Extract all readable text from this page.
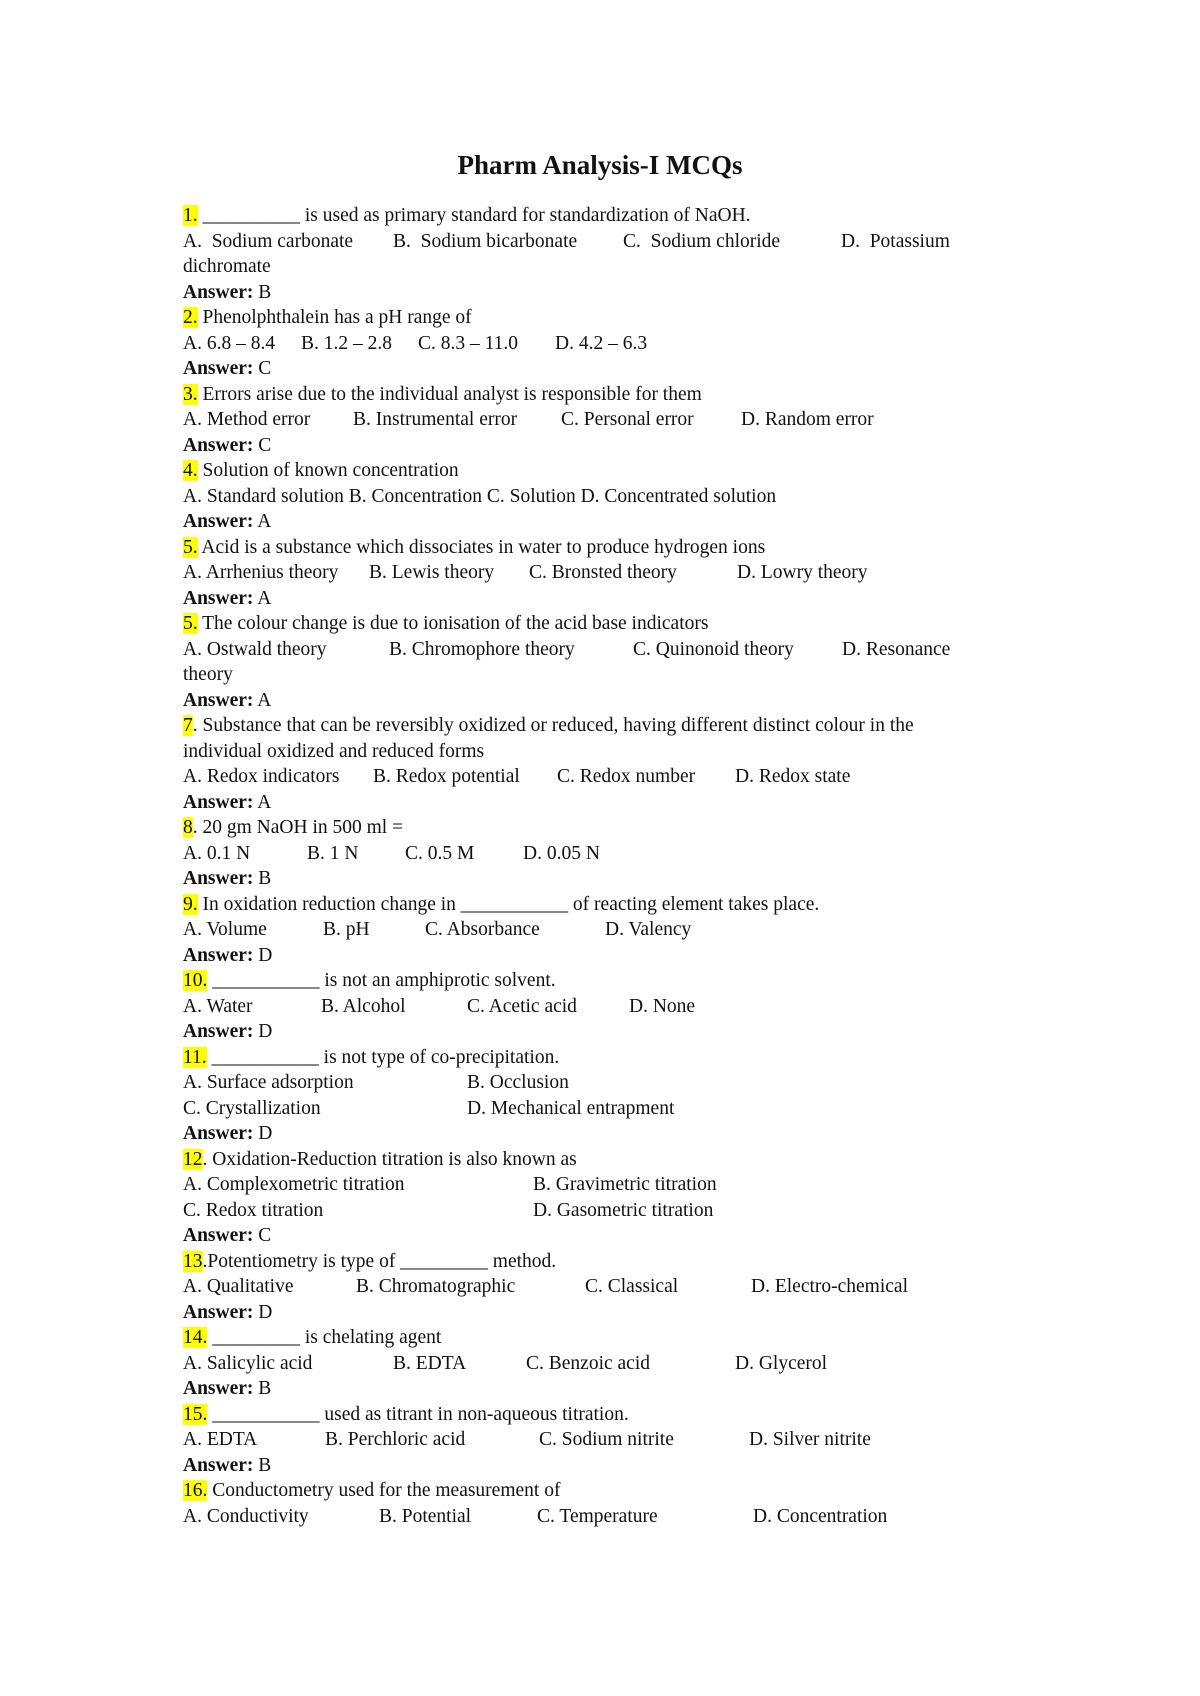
Pharm Analysis-I MCQs
1. __________ is used as primary standard for standardization of NaOH.
A.  Sodium carbonate B.  Sodium bicarbonate C.  Sodium chloride	D.  Potassium
dichromate
Answer: B
2. Phenolphthalein has a pH range of
A. 6.8 – 8.4 B. 1.2 – 2.8 C. 8.3 – 11.0 D. 4.2 – 6.3
Answer: C
3. Errors arise due to the individual analyst is responsible for them
A. Method error B. Instrumental error C. Personal error D. Random error
Answer: C
4. Solution of known concentration
A. Standard solution B. Concentration C. Solution D. Concentrated solution
Answer: A
5. Acid is a substance which dissociates in water to produce hydrogen ions
A. Arrhenius theory B. Lewis theory C. Bronsted theory	D. Lowry theory
Answer: A
5. The colour change is due to ionisation of the acid base indicators
A. Ostwald theory	B. Chromophore theory	C. Quinonoid theory D. Resonance
theory
Answer: A
7. Substance that can be reversibly oxidized or reduced, having different distinct colour in the
individual oxidized and reduced forms
A. Redox indicators B. Redox potential C. Redox number D. Redox state
Answer: A
8. 20 gm NaOH in 500 ml =
A. 0.1 N	B. 1 N C. 0.5 M D. 0.05 N
Answer: B
9. In oxidation reduction change in ___________ of reacting element takes place.
A. Volume	B. pH	C. Absorbance	D. Valency
Answer: D
10. ___________ is not an amphiprotic solvent.
A. Water	B. Alcohol	C. Acetic acid	D. None
Answer: D
11. ___________ is not type of co-precipitation.
A. Surface adsorption	B. Occlusion
C. Crystallization	D. Mechanical entrapment
Answer: D
12. Oxidation-Reduction titration is also known as
A. Complexometric titration	B. Gravimetric titration
C. Redox titration	D. Gasometric titration
Answer: C
13.Potentiometry is type of _________ method.
A. Qualitative	B. Chromatographic	C. Classical	D. Electro-chemical
Answer: D
14. _________ is chelating agent
A. Salicylic acid	B. EDTA	C. Benzoic acid	D. Glycerol
Answer: B
15. ___________ used as titrant in non-aqueous titration.
A. EDTA	B. Perchloric acid	C. Sodium nitrite	D. Silver nitrite
Answer: B
16. Conductometry used for the measurement of
A. Conductivity	B. Potential	C. Temperature	D. Concentration
